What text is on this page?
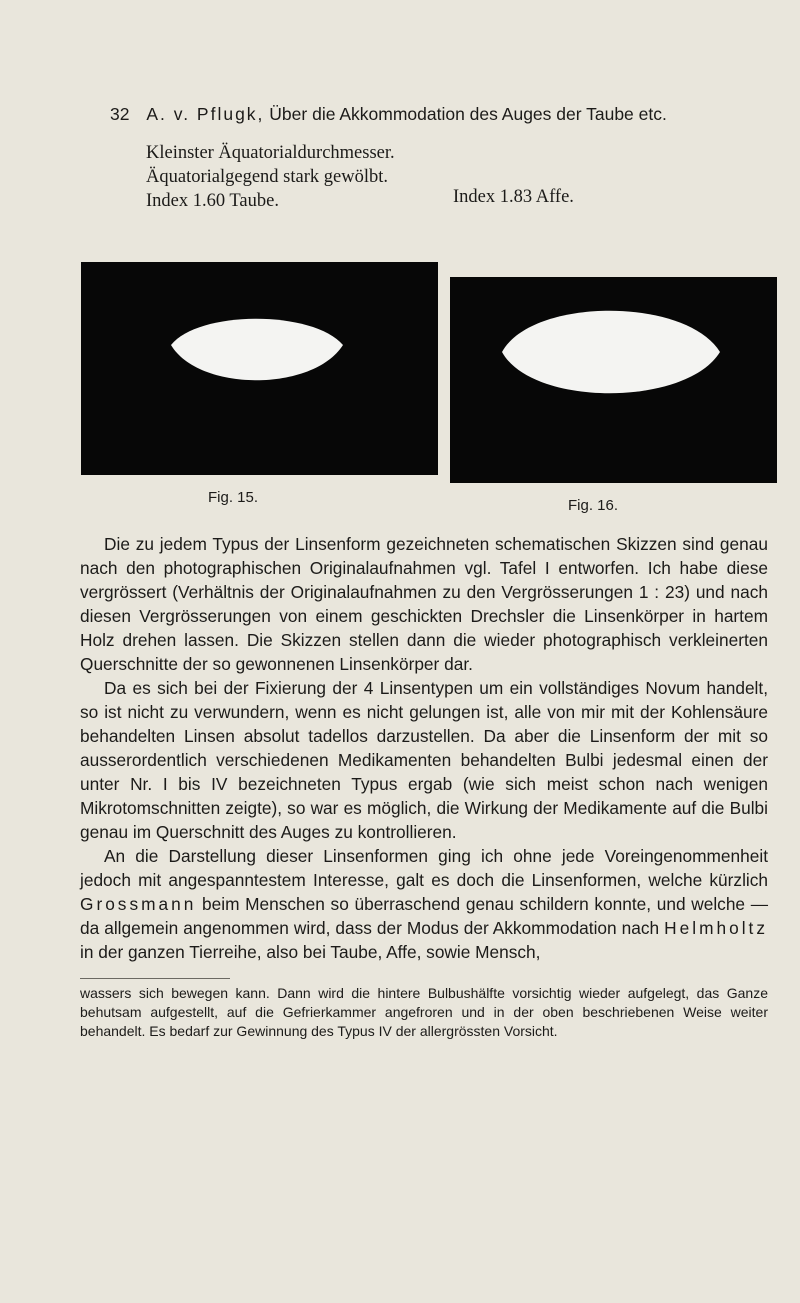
32 A. v. Pflugk, Über die Akkommodation des Auges der Taube etc.
Kleinster Äquatorialdurchmesser.
Äquatorialgegend stark gewölbt.
Index 1.60 Taube.	Index 1.83 Affe.
Fig. 15.	Fig. 16.

Die zu jedem Typus der Linsenform gezeichneten schematischen Skizzen sind genau nach den photographischen Originalaufnahmen vgl. Tafel I entworfen. Ich habe diese vergrössert (Verhältnis der Originalaufnahmen zu den Vergrösserungen 1 : 23) und nach diesen Vergrösserungen von einem geschickten Drechsler die Linsenkörper in hartem Holz drehen lassen. Die Skizzen stellen dann die wieder photographisch verkleinerten Querschnitte der so gewonnenen Linsenkörper dar.

Da es sich bei der Fixierung der 4 Linsentypen um ein vollständiges Novum handelt, so ist nicht zu verwundern, wenn es nicht gelungen ist, alle von mir mit der Kohlensäure behandelten Linsen absolut tadellos darzustellen. Da aber die Linsenform der mit so ausserordentlich verschiedenen Medikamenten behandelten Bulbi jedesmal einen der unter Nr. I bis IV bezeichneten Typus ergab (wie sich meist schon nach wenigen Mikrotomschnitten zeigte), so war es möglich, die Wirkung der Medikamente auf die Bulbi genau im Querschnitt des Auges zu kontrollieren.

An die Darstellung dieser Linsenformen ging ich ohne jede Voreingenommenheit jedoch mit angespanntestem Interesse, galt es doch die Linsenformen, welche kürzlich Grossmann beim Menschen so überraschend genau schildern konnte, und welche — da allgemein angenommen wird, dass der Modus der Akkommodation nach Helmholtz in der ganzen Tierreihe, also bei Taube, Affe, sowie Mensch,

wassers sich bewegen kann. Dann wird die hintere Bulbushälfte vorsichtig wieder aufgelegt, das Ganze behutsam aufgestellt, auf die Gefrierkammer angefroren und in der oben beschriebenen Weise weiter behandelt. Es bedarf zur Gewinnung des Typus IV der allergrössten Vorsicht.
